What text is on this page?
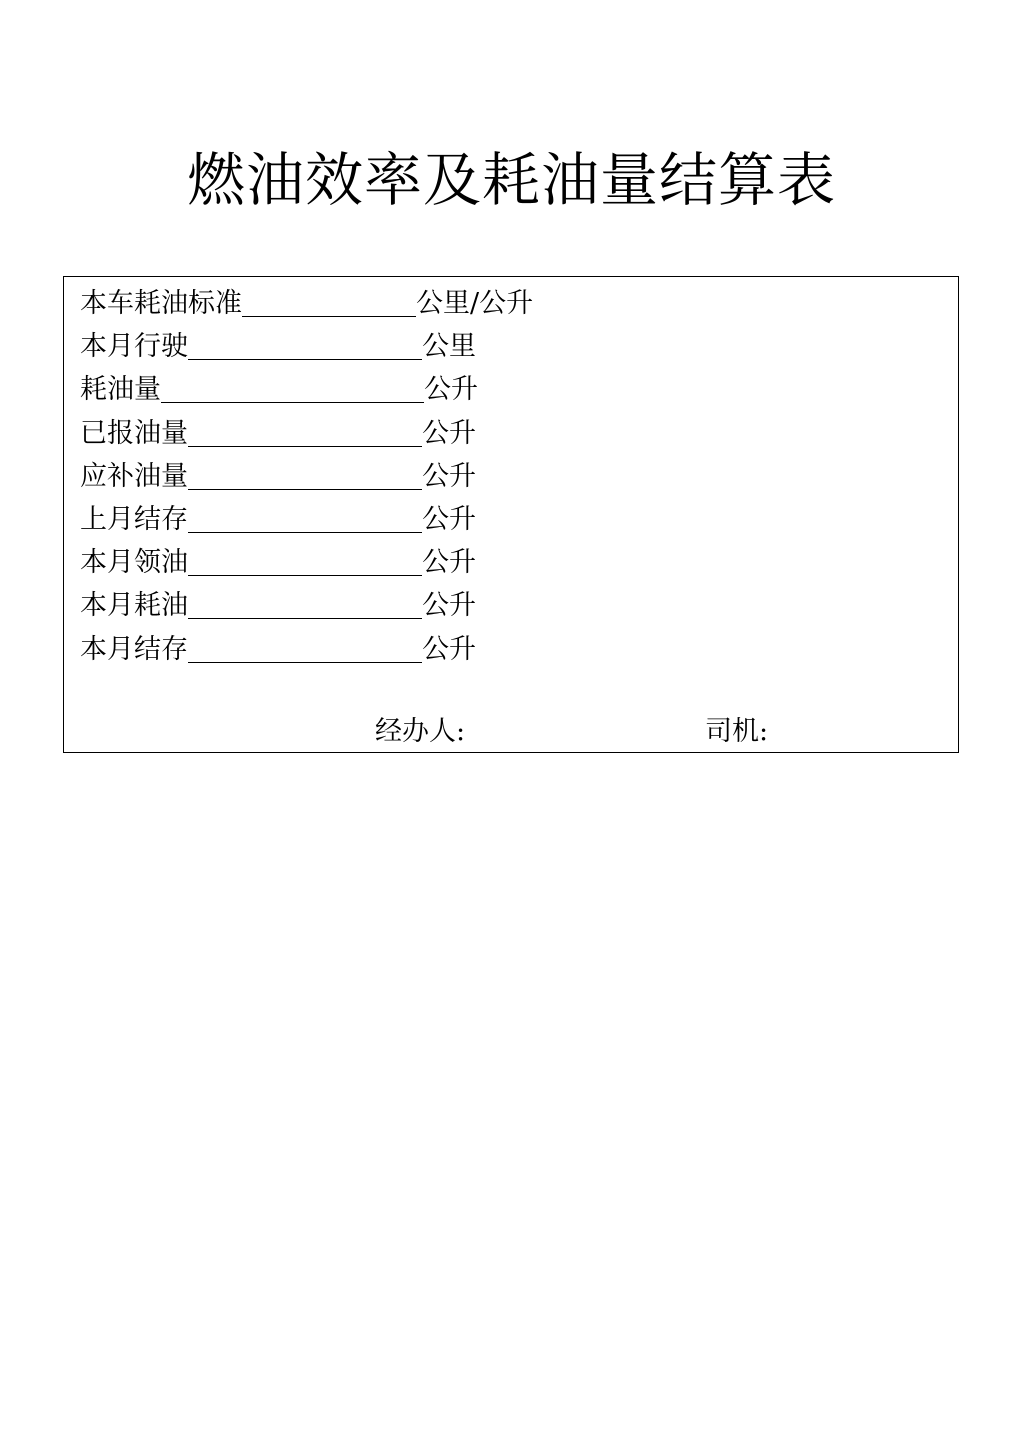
燃油效率及耗油量结算表
本车耗油标准	公里/公升
本月行驶	公里
耗油量	公升
已报油量	公升
应补油量	公升
上月结存	公升
本月领油	公升
本月耗油	公升
本月结存	公升
经办人:	司机:
